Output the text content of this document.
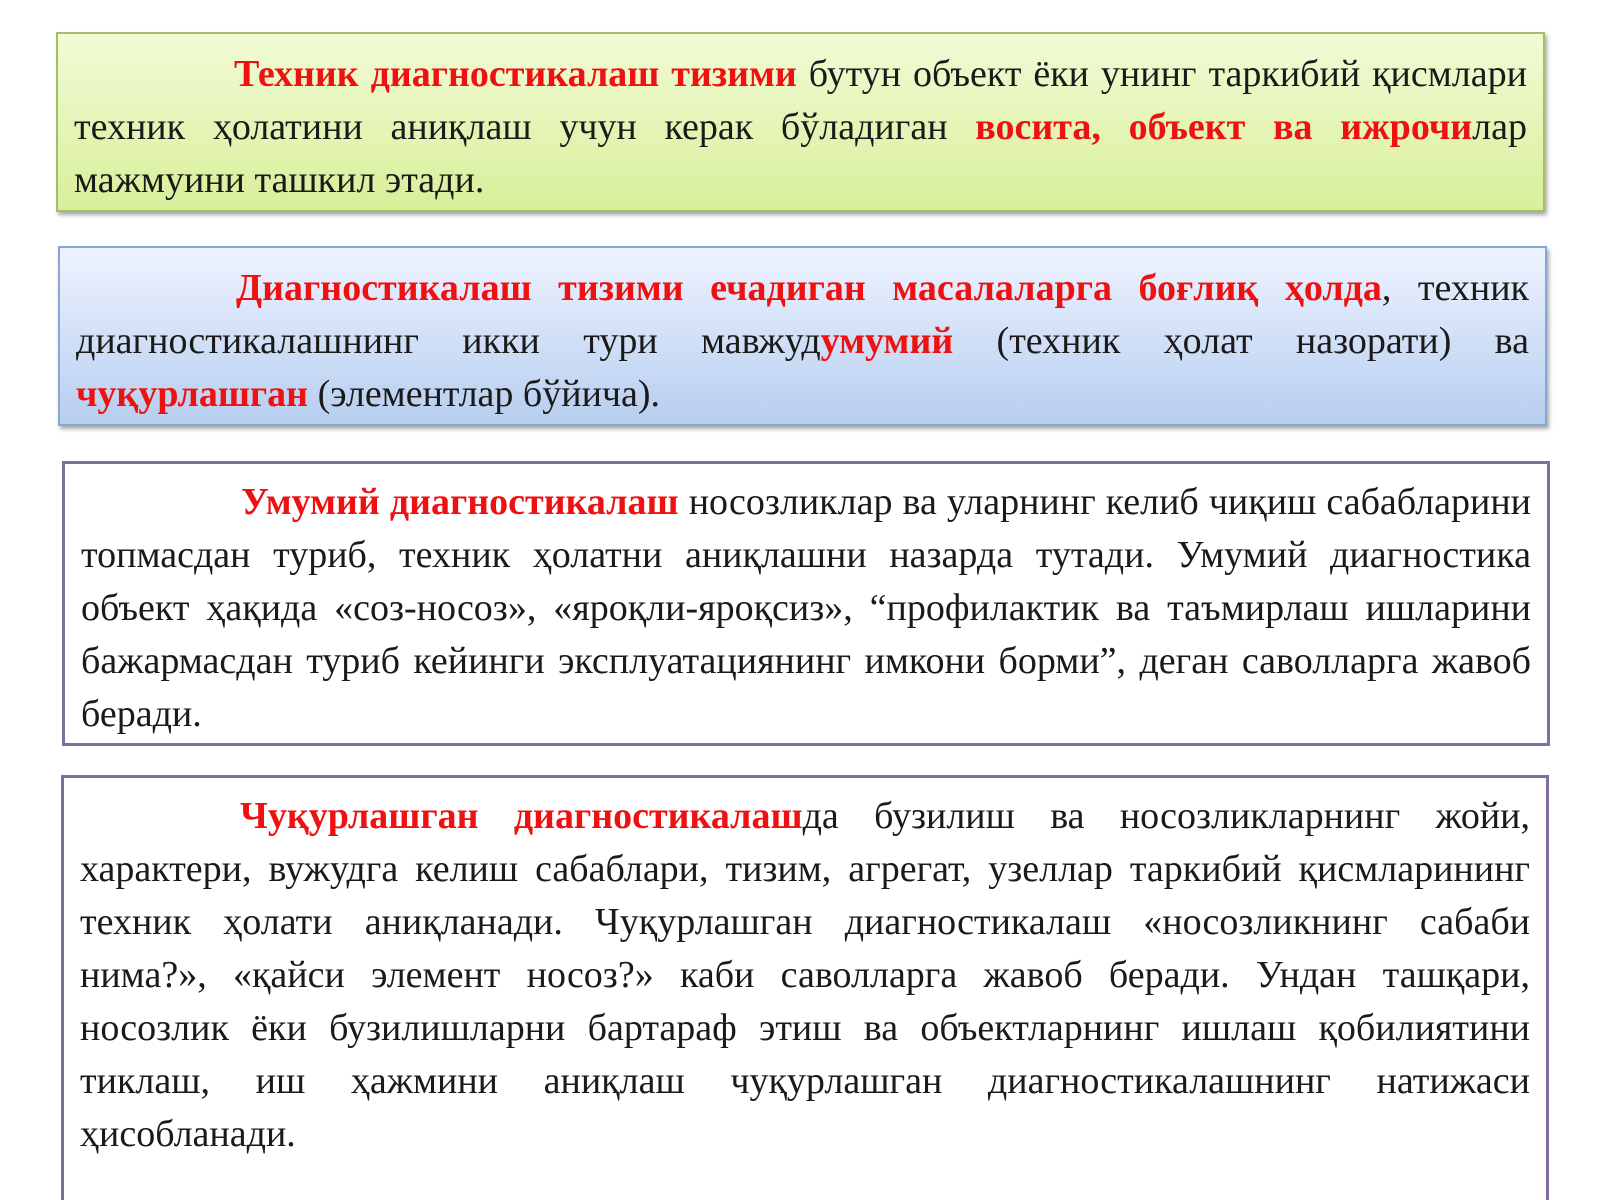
Техник диагностикалаш тизими бутун объект ёки унинг таркибий қисмлари техник ҳолатини аниқлаш учун керак бўладиган восита, объект ва ижрочилар мажмуини ташкил этади.

Диагностикалаш тизими ечадиган масалаларга боғлиқ ҳолда, техник диагностикалашнинг икки тури мавжудумумий (техник ҳолат назорати) ва чуқурлашган (элементлар бўйича).

Умумий диагностикалаш носозликлар ва уларнинг келиб чиқиш сабабларини топмасдан туриб, техник ҳолатни аниқлашни назарда тутади. Умумий диагностика объект ҳақида «соз-носоз», «яроқли-яроқсиз», “профилактик ва таъмирлаш ишларини бажармасдан туриб кейинги эксплуатациянинг имкони борми”, деган саволларга жавоб беради.

Чуқурлашган диагностикалашда бузилиш ва носозликларнинг жойи, характери, вужудга келиш сабаблари, тизим, агрегат, узеллар таркибий қисмларининг техник ҳолати аниқланади. Чуқурлашган диагностикалаш «носозликнинг сабаби нима?», «қайси элемент носоз?» каби саволларга жавоб беради. Ундан ташқари, носозлик ёки бузилишларни бартараф этиш ва объектларнинг ишлаш қобилиятини тиклаш, иш ҳажмини аниқлаш чуқурлашган диагностикалашнинг натижаси ҳисобланади.
